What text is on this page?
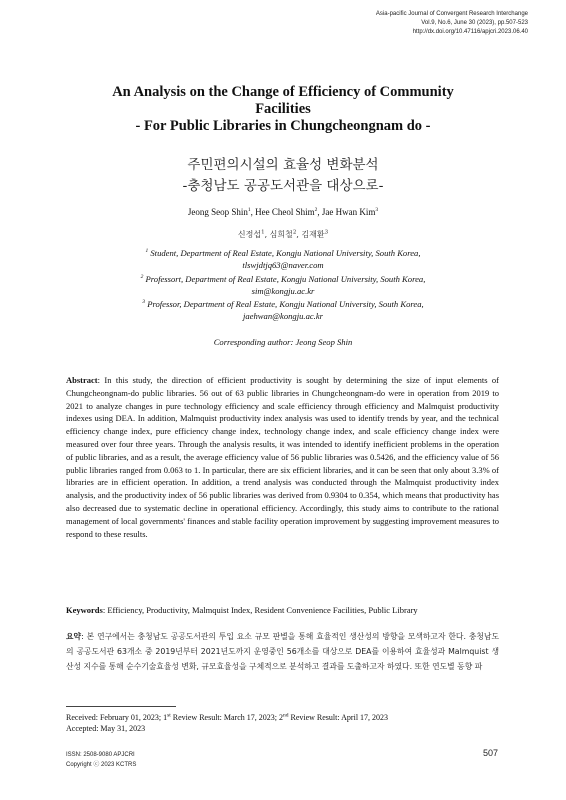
Asia-pacific Journal of Convergent Research Interchange
Vol.9, No.6, June 30 (2023), pp.507-523
http://dx.doi.org/10.47116/apjcri.2023.06.40
An Analysis on the Change of Efficiency of Community
Facilities
- For Public Libraries in Chungcheongnam do -
주민편의시설의 효율성 변화분석
-충청남도 공공도서관을 대상으로-
Jeong Seop Shin$^1$, Hee Cheol Shim$^2$, Jae Hwan Kim$^3$
신정섭$^1$, 심희철$^2$, 김재환$^3$
$^1$ Student, Department of Real Estate, Kongju National University, South Korea,
tlswjdtjq63@naver.com
$^2$ Professort, Department of Real Estate, Kongju National University, South Korea,
sim@kongju.ac.kr
$^3$ Professor, Department of Real Estate, Kongju National University, South Korea,
jaehwan@kongju.ac.kr
Corresponding author: Jeong Seop Shin
Abstract: In this study, the direction of efficient productivity is sought by determining the size of input elements of Chungcheongnam-do public libraries. 56 out of 63 public libraries in Chungcheongnam-do were in operation from 2019 to 2021 to analyze changes in pure technology efficiency and scale efficiency through efficiency and Malmquist productivity indexes using DEA. In addition, Malmquist productivity index analysis was used to identify trends by year, and the technical efficiency change index, pure efficiency change index, technology change index, and scale efficiency change index were measured over four three years. Through the analysis results, it was intended to identify inefficient problems in the operation of public libraries, and as a result, the average efficiency value of 56 public libraries was 0.5426, and the efficiency value of 56 public libraries ranged from 0.063 to 1. In particular, there are six efficient libraries, and it can be seen that only about 3.3% of libraries are in efficient operation. In addition, a trend analysis was conducted through the Malmquist productivity index analysis, and the productivity index of 56 public libraries was derived from 0.9304 to 0.354, which means that productivity has also decreased due to systematic decline in operational efficiency. Accordingly, this study aims to contribute to the rational management of local governments' finances and stable facility operation improvement by suggesting improvement measures to respond to these results.
Keywords: Efficiency, Productivity, Malmquist Index, Resident Convenience Facilities, Public Library
요약: 본 연구에서는 충청남도 공공도서관의 투입 요소 규모 판별을 통해 효율적인 생산성의 방향을 모색하고자 한다. 충청남도의 공공도서관 63개소 중 2019년부터 2021년도까지 운영중인 56개소를 대상으로 DEA를 이용하여 효율성과 Malmquist 생산성 지수를 통해 순수기술효율성 변화, 규모효율성을 구체적으로 분석하고 결과를 도출하고자 하였다. 또한 연도별 동향 파
Received: February 01, 2023; 1st Review Result: March 17, 2023; 2nd Review Result: April 17, 2023
Accepted: May 31, 2023
ISSN: 2508-9080 APJCRI
Copyright ⓒ 2023 KCTRS
507
